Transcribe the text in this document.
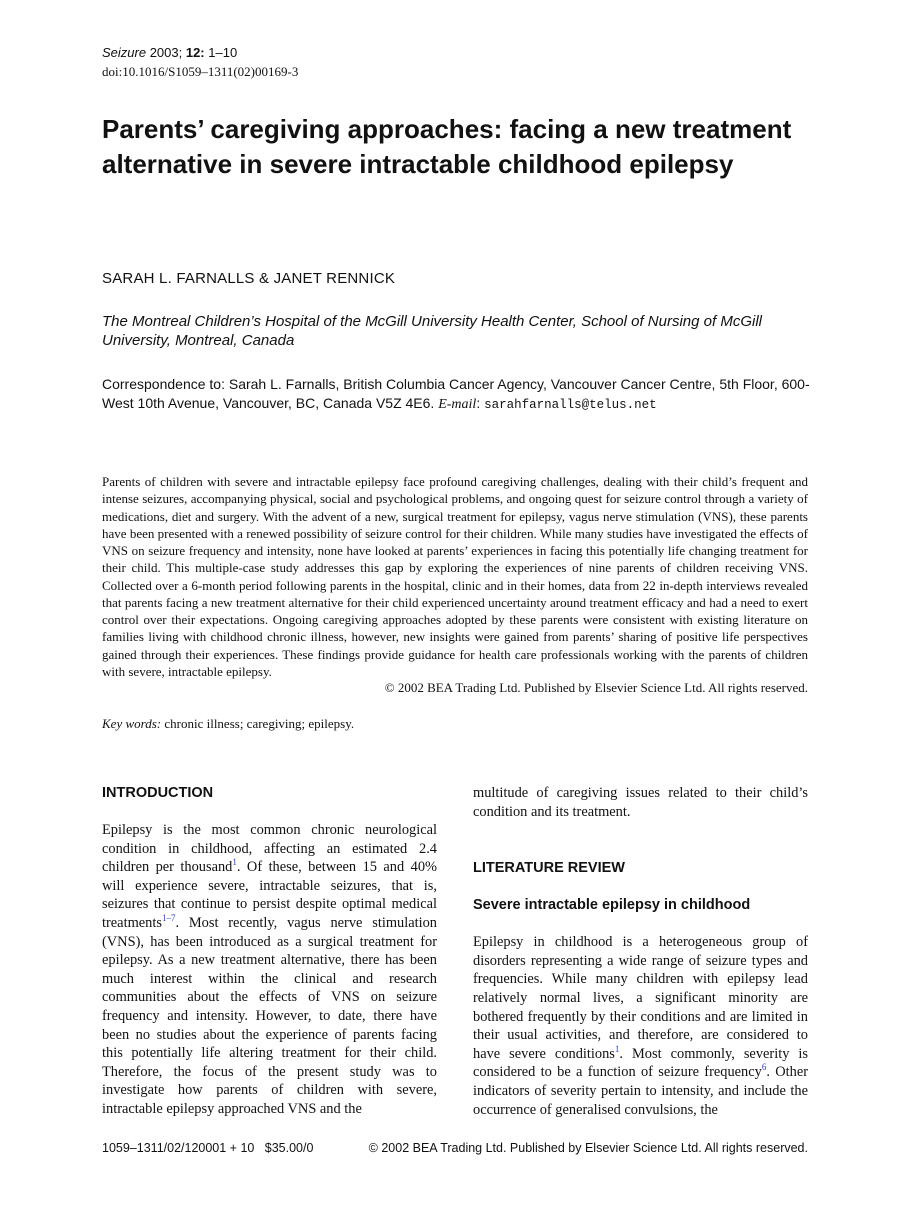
Seizure 2003; 12: 1–10
doi:10.1016/S1059–1311(02)00169-3
Parents’ caregiving approaches: facing a new treatment alternative in severe intractable childhood epilepsy
SARAH L. FARNALLS & JANET RENNICK
The Montreal Children’s Hospital of the McGill University Health Center, School of Nursing of McGill University, Montreal, Canada
Correspondence to: Sarah L. Farnalls, British Columbia Cancer Agency, Vancouver Cancer Centre, 5th Floor, 600-West 10th Avenue, Vancouver, BC, Canada V5Z 4E6. E-mail: sarahfarnalls@telus.net

Parents of children with severe and intractable epilepsy face profound caregiving challenges, dealing with their child’s frequent and intense seizures, accompanying physical, social and psychological problems, and ongoing quest for seizure control through a variety of medications, diet and surgery. With the advent of a new, surgical treatment for epilepsy, vagus nerve stimulation (VNS), these parents have been presented with a renewed possibility of seizure control for their children. While many studies have investigated the effects of VNS on seizure frequency and intensity, none have looked at parents’ experiences in facing this potentially life changing treatment for their child. This multiple-case study addresses this gap by exploring the experiences of nine parents of children receiving VNS. Collected over a 6-month period following parents in the hospital, clinic and in their homes, data from 22 in-depth interviews revealed that parents facing a new treatment alternative for their child experienced uncertainty around treatment efficacy and had a need to exert control over their expectations. Ongoing caregiving approaches adopted by these parents were consistent with existing literature on families living with childhood chronic illness, however, new insights were gained from parents’ sharing of positive life perspectives gained through their experiences. These findings provide guidance for health care professionals working with the parents of children with severe, intractable epilepsy.

© 2002 BEA Trading Ltd. Published by Elsevier Science Ltd. All rights reserved.
Key words: chronic illness; caregiving; epilepsy.
INTRODUCTION

Epilepsy is the most common chronic neurological condition in childhood, affecting an estimated 2.4 children per thousand$^1$. Of these, between 15 and 40% will experience severe, intractable seizures, that is, seizures that continue to persist despite optimal medical treatments$^{1-7}$. Most recently, vagus nerve stimulation (VNS), has been introduced as a surgical treatment for epilepsy. As a new treatment alternative, there has been much interest within the clinical and research communities about the effects of VNS on seizure frequency and intensity. However, to date, there have been no studies about the experience of parents facing this potentially life altering treatment for their child. Therefore, the focus of the present study was to investigate how parents of children with severe, intractable epilepsy approached VNS and the

multitude of caregiving issues related to their child’s condition and its treatment.

LITERATURE REVIEW
Severe intractable epilepsy in childhood

Epilepsy in childhood is a heterogeneous group of disorders representing a wide range of seizure types and frequencies. While many children with epilepsy lead relatively normal lives, a significant minority are bothered frequently by their conditions and are limited in their usual activities, and therefore, are considered to have severe conditions$^1$. Most commonly, severity is considered to be a function of seizure frequency$^6$. Other indicators of severity pertain to intensity, and include the occurrence of generalised convulsions, the

1059–1311/02/120001 + 10   $35.00/0	© 2002 BEA Trading Ltd. Published by Elsevier Science Ltd. All rights reserved.
